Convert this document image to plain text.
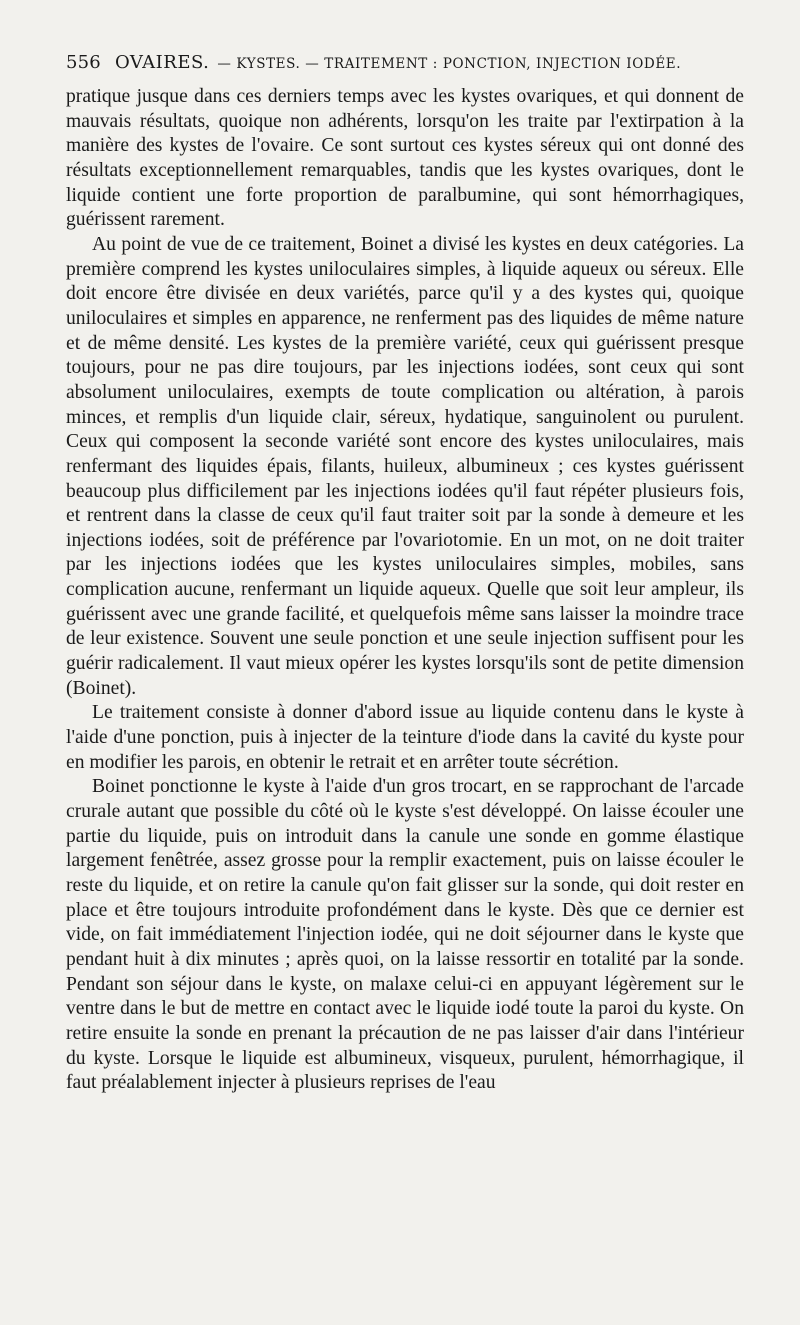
556 OVAIRES. — KYSTES. — TRAITEMENT : PONCTION, INJECTION IODÉE.

pratique jusque dans ces derniers temps avec les kystes ovariques, et qui donnent de mauvais résultats, quoique non adhérents, lorsqu'on les traite par l'extirpation à la manière des kystes de l'ovaire. Ce sont surtout ces kystes séreux qui ont donné des résultats exceptionnellement remarquables, tandis que les kystes ovariques, dont le liquide contient une forte proportion de paralbumine, qui sont hémorrhagiques, guérissent rarement.

Au point de vue de ce traitement, Boinet a divisé les kystes en deux catégories. La première comprend les kystes uniloculaires simples, à liquide aqueux ou séreux. Elle doit encore être divisée en deux variétés, parce qu'il y a des kystes qui, quoique uniloculaires et simples en apparence, ne renferment pas des liquides de même nature et de même densité. Les kystes de la première variété, ceux qui guérissent presque toujours, pour ne pas dire toujours, par les injections iodées, sont ceux qui sont absolument uniloculaires, exempts de toute complication ou altération, à parois minces, et remplis d'un liquide clair, séreux, hydatique, sanguinolent ou purulent. Ceux qui composent la seconde variété sont encore des kystes uniloculaires, mais renfermant des liquides épais, filants, huileux, albumineux ; ces kystes guérissent beaucoup plus difficilement par les injections iodées qu'il faut répéter plusieurs fois, et rentrent dans la classe de ceux qu'il faut traiter soit par la sonde à demeure et les injections iodées, soit de préférence par l'ovariotomie. En un mot, on ne doit traiter par les injections iodées que les kystes uniloculaires simples, mobiles, sans complication aucune, renfermant un liquide aqueux. Quelle que soit leur ampleur, ils guérissent avec une grande facilité, et quelquefois même sans laisser la moindre trace de leur existence. Souvent une seule ponction et une seule injection suffisent pour les guérir radicalement. Il vaut mieux opérer les kystes lorsqu'ils sont de petite dimension (Boinet).

Le traitement consiste à donner d'abord issue au liquide contenu dans le kyste à l'aide d'une ponction, puis à injecter de la teinture d'iode dans la cavité du kyste pour en modifier les parois, en obtenir le retrait et en arrêter toute sécrétion.

Boinet ponctionne le kyste à l'aide d'un gros trocart, en se rapprochant de l'arcade crurale autant que possible du côté où le kyste s'est développé. On laisse écouler une partie du liquide, puis on introduit dans la canule une sonde en gomme élastique largement fenêtrée, assez grosse pour la remplir exactement, puis on laisse écouler le reste du liquide, et on retire la canule qu'on fait glisser sur la sonde, qui doit rester en place et être toujours introduite profondément dans le kyste. Dès que ce dernier est vide, on fait immédiatement l'injection iodée, qui ne doit séjourner dans le kyste que pendant huit à dix minutes ; après quoi, on la laisse ressortir en totalité par la sonde. Pendant son séjour dans le kyste, on malaxe celui-ci en appuyant légèrement sur le ventre dans le but de mettre en contact avec le liquide iodé toute la paroi du kyste. On retire ensuite la sonde en prenant la précaution de ne pas laisser d'air dans l'intérieur du kyste. Lorsque le liquide est albumineux, visqueux, purulent, hémorrhagique, il faut préalablement injecter à plusieurs reprises de l'eau
